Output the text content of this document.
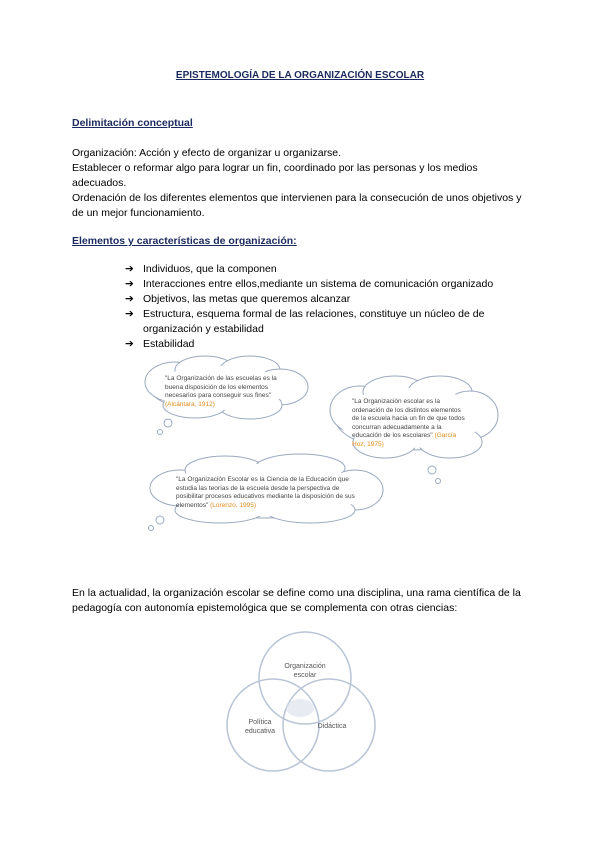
EPISTEMOLOGÍA DE LA ORGANIZACIÓN ESCOLAR
Delimitación conceptual

Organización: Acción y efecto de organizar u organizarse.

Establecer o reformar algo para lograr un fin, coordinado por las personas y los medios adecuados.

Ordenación de los diferentes elementos que intervienen para la consecución de unos objetivos y de un mejor funcionamiento.

Elementos y características de organización:
➔ Individuos, que la componen
➔ Interacciones entre ellos,mediante un sistema de comunicación organizado
➔ Objetivos, las metas que queremos alcanzar
➔ Estructura, esquema formal de las relaciones, constituye un núcleo de de organización y estabilidad
➔ Estabilidad
"La Organización de las escuelas es la buena disposición de los elementos necesarios para conseguir sus fines" (Alcántara, 1912)	"La Organización escolar es la ordenación de los distintos elementos de la escuela hacia un fin de que todos concurran adecuadamente a la educación de los escolares" (García Hoz, 1975)
"La Organización Escolar es la Ciencia de la Educación que estudia las teorías de la escuela desde la perspectiva de posibilitar procesos educativos mediante la disposición de sus elementos" (Lorenzo, 1995)
En la actualidad, la organización escolar se define como una disciplina, una rama científica de la pedagogía con autonomía epistemológica que se complementa con otras ciencias:
Organización escolar
Política educativa
Didáctica
